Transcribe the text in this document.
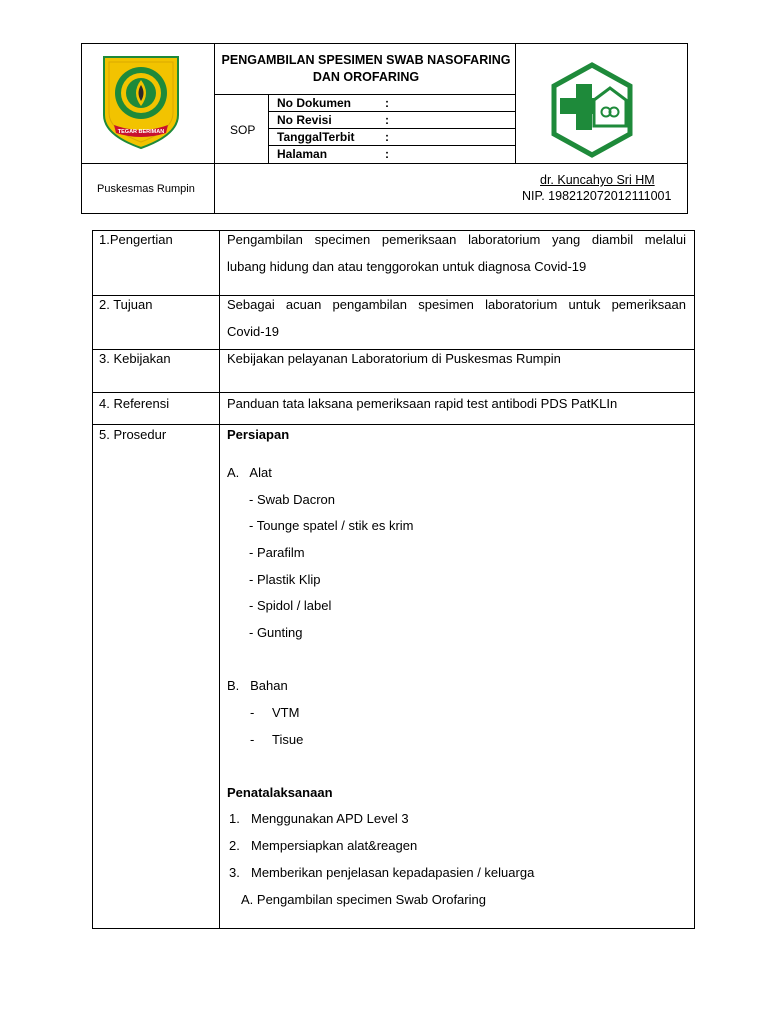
TEGAR BERIMAN
PENGAMBILAN SPESIMEN SWAB NASOFARING DAN OROFARING
SOP
No Dokumen	:
No Revisi	:
TanggalTerbit	:
Halaman	:
Puskesmas Rumpin
dr. Kuncahyo Sri HM
NIP. 198212072012111001
1.Pengertian	Pengambilan specimen pemeriksaan laboratorium yang diambil melalui
lubang hidung dan atau tenggorokan untuk diagnosa Covid-19
2. Tujuan	Sebagai acuan pengambilan spesimen laboratorium untuk pemeriksaan
Covid-19
3. Kebijakan	Kebijakan pelayanan Laboratorium di Puskesmas Rumpin
4. Referensi	Panduan tata laksana pemeriksaan rapid test antibodi PDS PatKLIn
5. Prosedur	Persiapan
A.   Alat
- Swab Dacron
- Tounge spatel / stik es krim
- Parafilm
- Plastik Klip
- Spidol / label
- Gunting
B.   Bahan
- VTM
- Tisue
Penatalaksanaan
1. Menggunakan APD Level 3
2. Mempersiapkan alat&reagen
3. Memberikan penjelasan kepadapasien / keluarga
A. Pengambilan specimen Swab Orofaring
